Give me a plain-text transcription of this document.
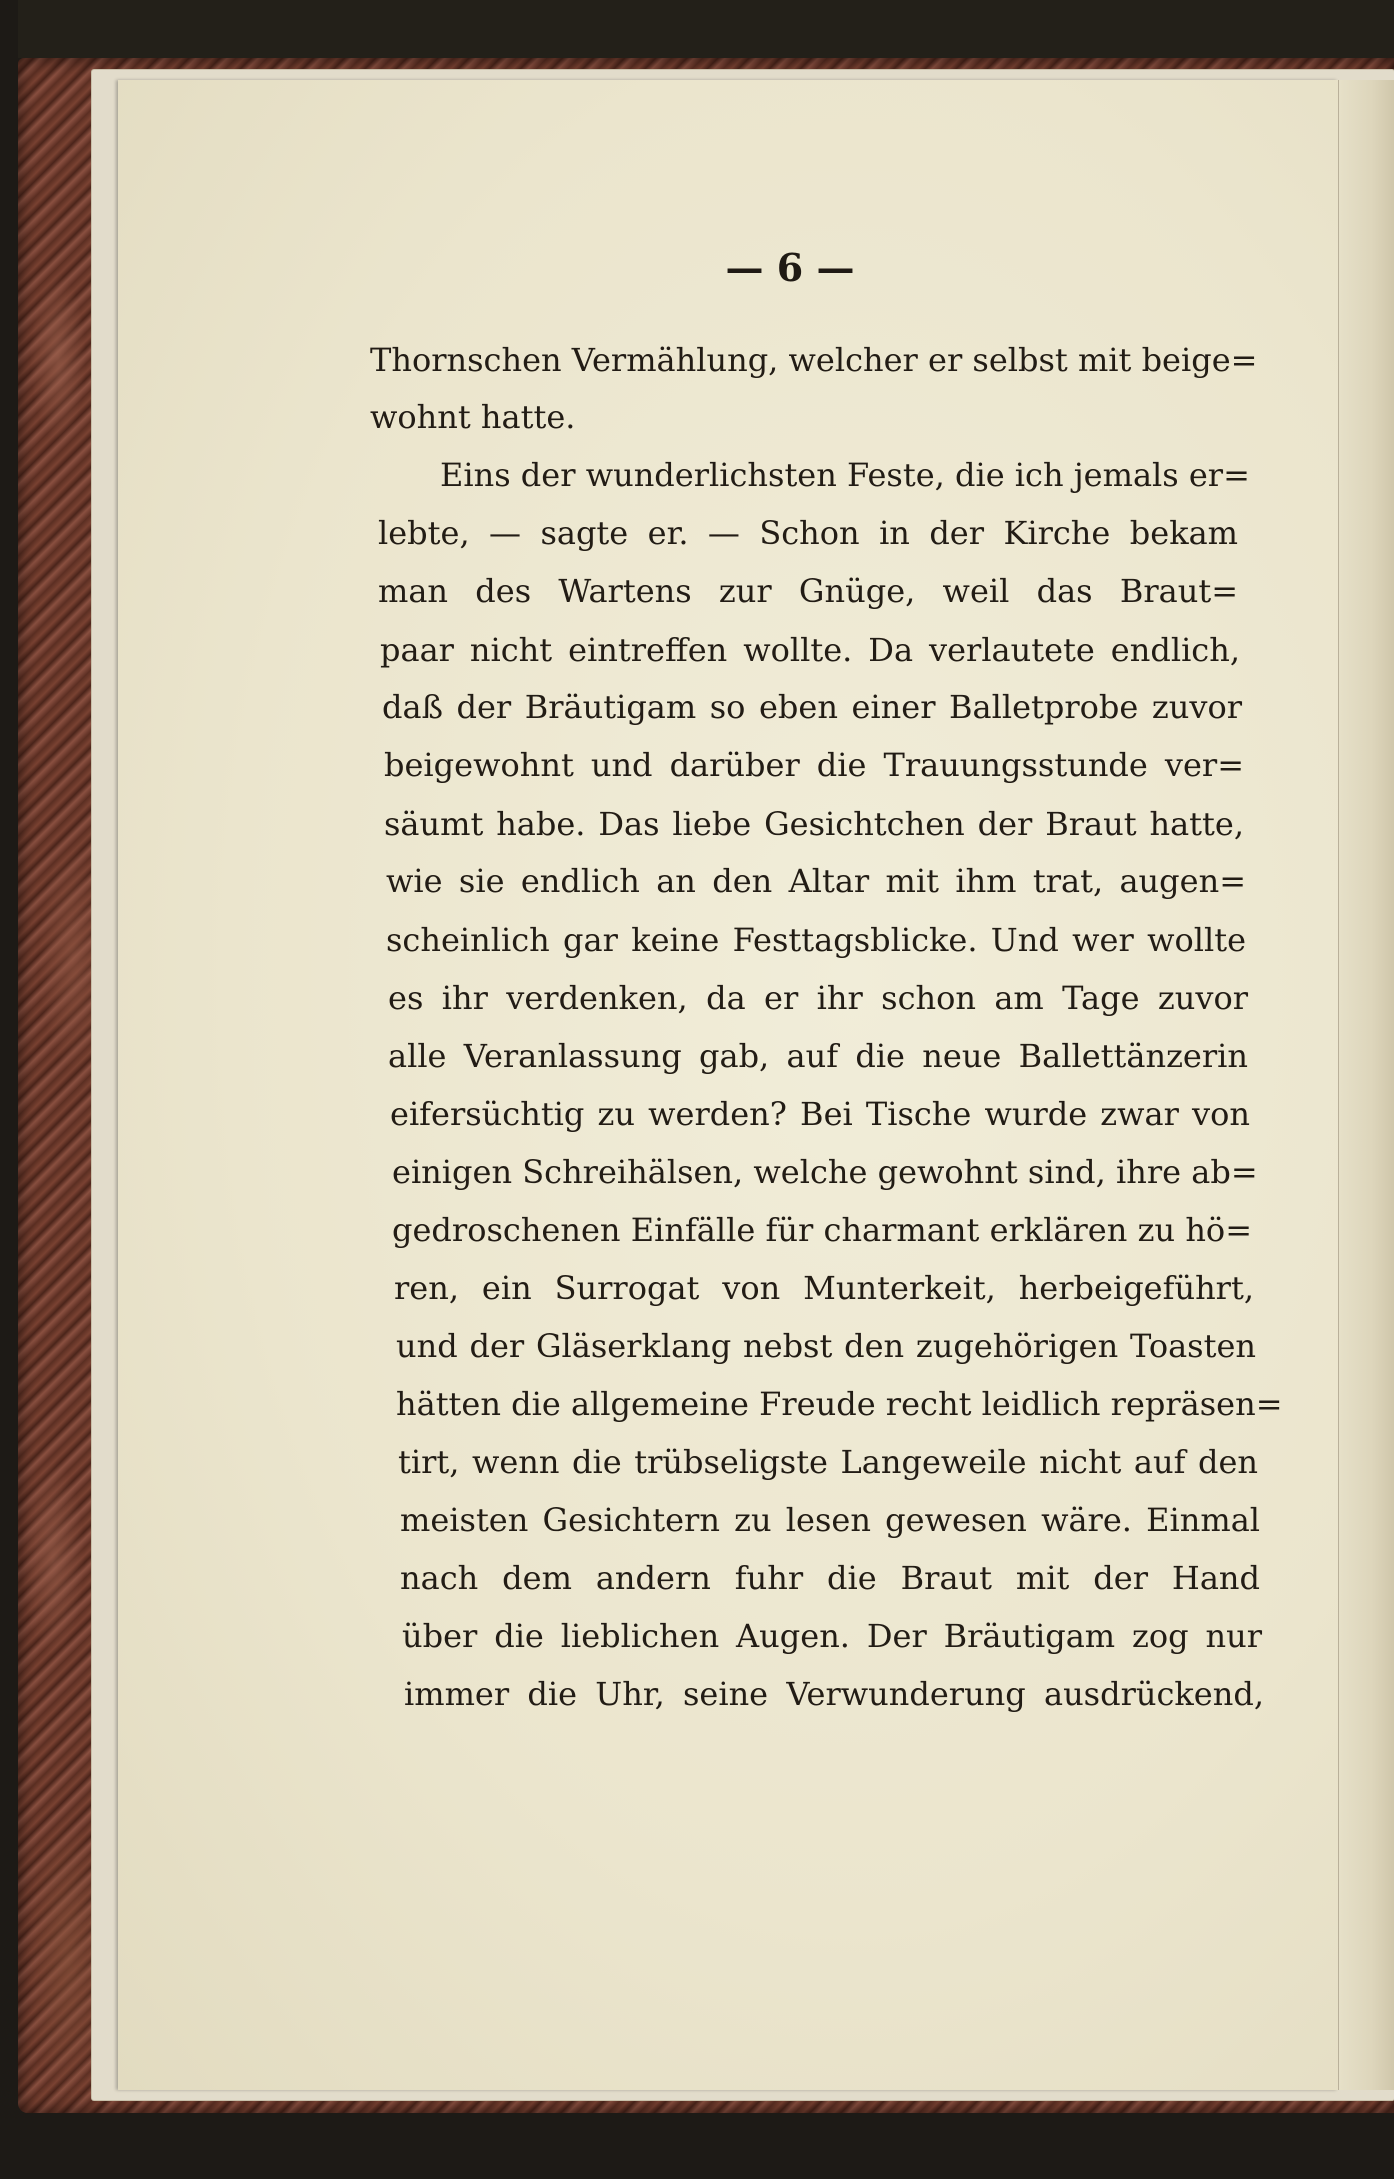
— 6 —
Thornschen Vermählung, welcher er selbst mit beige=
wohnt hatte.
Eins der wunderlichsten Feste, die ich jemals er=
lebte, — sagte er. — Schon in der Kirche bekam
man des Wartens zur Gnüge, weil das Braut=
paar nicht eintreffen wollte. Da verlautete endlich,
daß der Bräutigam so eben einer Balletprobe zuvor
beigewohnt und darüber die Trauungsstunde ver=
säumt habe. Das liebe Gesichtchen der Braut hatte,
wie sie endlich an den Altar mit ihm trat, augen=
scheinlich gar keine Festtagsblicke. Und wer wollte
es ihr verdenken, da er ihr schon am Tage zuvor
alle Veranlassung gab, auf die neue Ballettänzerin
eifersüchtig zu werden? Bei Tische wurde zwar von
einigen Schreihälsen, welche gewohnt sind, ihre ab=
gedroschenen Einfälle für charmant erklären zu hö=
ren, ein Surrogat von Munterkeit, herbeigeführt,
und der Gläserklang nebst den zugehörigen Toasten
hätten die allgemeine Freude recht leidlich repräsen=
tirt, wenn die trübseligste Langeweile nicht auf den
meisten Gesichtern zu lesen gewesen wäre. Einmal
nach dem andern fuhr die Braut mit der Hand
über die lieblichen Augen. Der Bräutigam zog nur
immer die Uhr, seine Verwunderung ausdrückend,
